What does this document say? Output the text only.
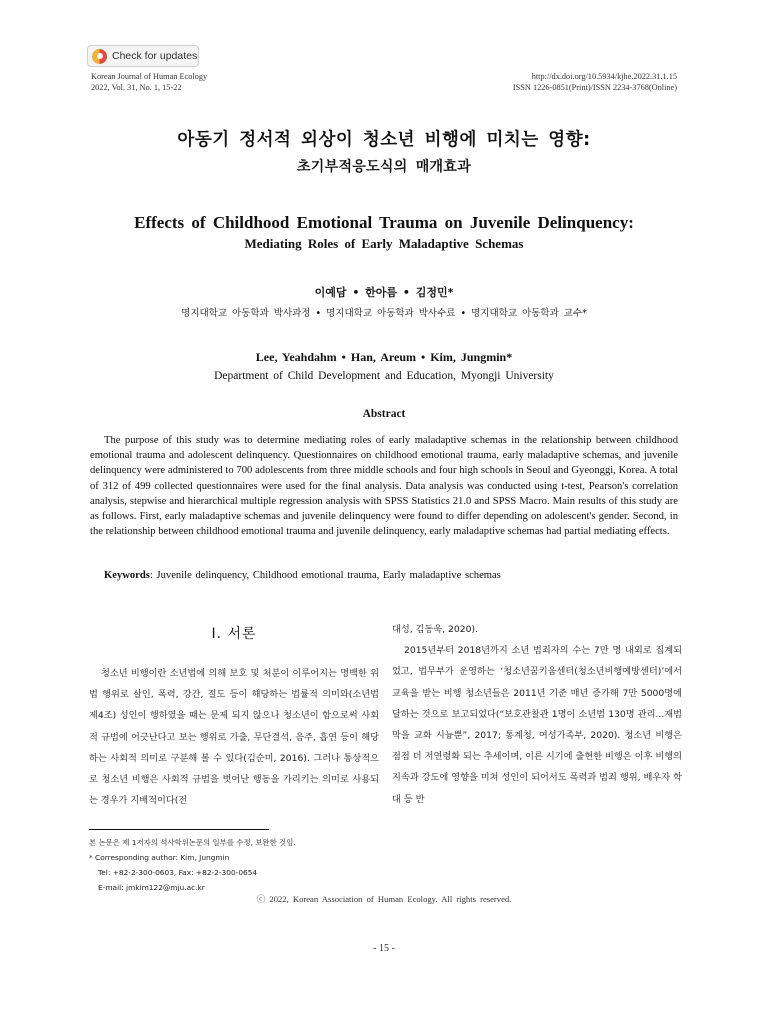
Check for updates
Korean Journal of Human Ecology
2022, Vol. 31, No. 1, 15-22
http://dx.doi.org/10.5934/kjhe.2022.31.1.15
ISSN 1226-0851(Print)/ISSN 2234-3768(Online)
아동기 정서적 외상이 청소년 비행에 미치는 영향:
초기부적응도식의 매개효과
Effects of Childhood Emotional Trauma on Juvenile Delinquency:
Mediating Roles of Early Maladaptive Schemas
이예담 • 한아름 • 김정민*
명지대학교 아동학과 박사과정 • 명지대학교 아동학과 박사수료 • 명지대학교 아동학과 교수*
Lee, Yeahdahm • Han, Areum • Kim, Jungmin*
Department of Child Development and Education, Myongji University
Abstract
The purpose of this study was to determine mediating roles of early maladaptive schemas in the relationship between childhood emotional trauma and adolescent delinquency. Questionnaires on childhood emotional trauma, early maladaptive schemas, and juvenile delinquency were administered to 700 adolescents from three middle schools and four high schools in Seoul and Gyeonggi, Korea. A total of 312 of 499 collected questionnaires were used for the final analysis. Data analysis was conducted using t-test, Pearson's correlation analysis, stepwise and hierarchical multiple regression analysis with SPSS Statistics 21.0 and SPSS Macro. Main results of this study are as follows. First, early maladaptive schemas and juvenile delinquency were found to differ depending on adolescent's gender. Second, in the relationship between childhood emotional trauma and juvenile delinquency, early maladaptive schemas had partial mediating effects.
Keywords: Juvenile delinquency, Childhood emotional trauma, Early maladaptive schemas
Ⅰ. 서론

청소년 비행이란 소년법에 의해 보호 및 처분이 이루어지는 명백한 위법 행위로 살인, 폭력, 강간, 절도 등이 해당하는 법률적 의미와(소년법 제4조) 성인이 행하였을 때는 문제 되지 않으나 청소년이 함으로써 사회적 규범에 어긋난다고 보는 행위로 가출, 무단결석, 음주, 흡연 등이 해당하는 사회적 의미로 구분해 볼 수 있다(김순미, 2016). 그러나 통상적으로 청소년 비행은 사회적 규범을 벗어난 행동을 가리키는 의미로 사용되는 경우가 지배적이다(전

대성, 김동욱, 2020).

2015년부터 2018년까지 소년 범죄자의 수는 7만 명 내외로 집계되었고, 법무부가 운영하는 ‘청소년꿈키움센터(청소년비행예방센터)’에서 교육을 받는 비행 청소년들은 2011년 기준 매년 증가해 7만 5000명에 달하는 것으로 보고되었다(“보호관찰관 1명이 소년범 130명 관리...재범 막을 교화 시늉뿐”, 2017; 통계청, 여성가족부, 2020). 청소년 비행은 점점 더 저연령화 되는 추세이며, 이른 시기에 출현한 비행은 이후 비행의 지속과 강도에 영향을 미쳐 성인이 되어서도 폭력과 범죄 행위, 배우자 학대 등 반

본 논문은 제 1저자의 석사학위논문의 일부를 수정, 보완한 것임.
* Corresponding author: Kim, Jungmin
Tel: +82-2-300-0603, Fax: +82-2-300-0654
E-mail: jmkim122@mju.ac.kr
ⓒ 2022, Korean Association of Human Ecology. All rights reserved.
- 15 -
